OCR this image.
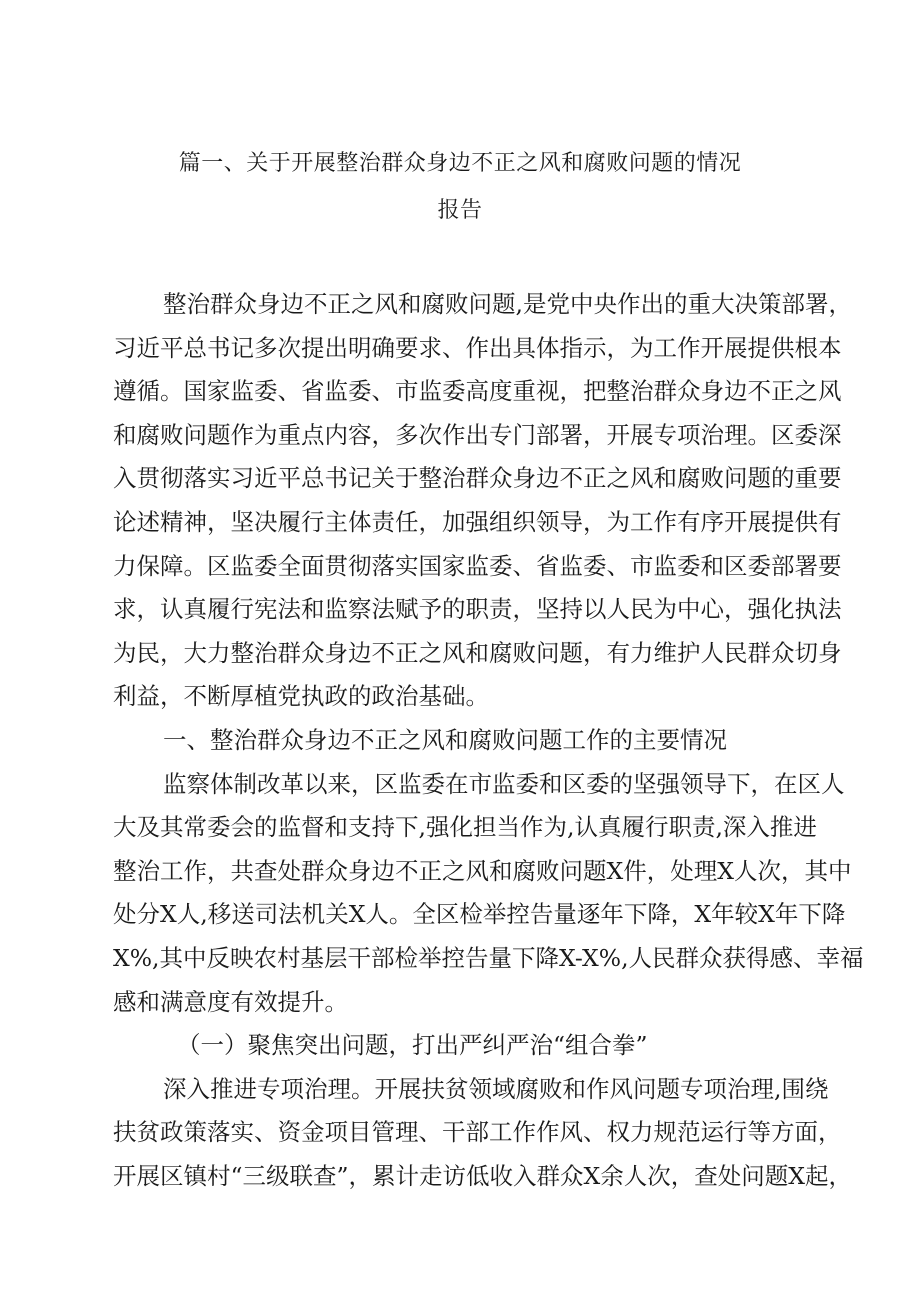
篇一、关于开展整治群众身边不正之风和腐败问题的情况
报告
整治群众身边不正之风和腐败问题,是党中央作出的重大决策部署，
习近平总书记多次提出明确要求、作出具体指示，为工作开展提供根本
遵循。国家监委、省监委、市监委高度重视，把整治群众身边不正之风
和腐败问题作为重点内容，多次作出专门部署，开展专项治理。区委深
入贯彻落实习近平总书记关于整治群众身边不正之风和腐败问题的重要
论述精神，坚决履行主体责任，加强组织领导，为工作有序开展提供有
力保障。区监委全面贯彻落实国家监委、省监委、市监委和区委部署要
求，认真履行宪法和监察法赋予的职责，坚持以人民为中心，强化执法
为民，大力整治群众身边不正之风和腐败问题，有力维护人民群众切身
利益，不断厚植党执政的政治基础。
一、整治群众身边不正之风和腐败问题工作的主要情况
监察体制改革以来，区监委在市监委和区委的坚强领导下，在区人
大及其常委会的监督和支持下,强化担当作为,认真履行职责,深入推进
整治工作，共查处群众身边不正之风和腐败问题X件，处理X人次，其中
处分X人,移送司法机关X人。全区检举控告量逐年下降，X年较X年下降
X%,其中反映农村基层干部检举控告量下降X-X%,人民群众获得感、幸福
感和满意度有效提升。
（一）聚焦突出问题，打出严纠严治“组合拳”
深入推进专项治理。开展扶贫领域腐败和作风问题专项治理,围绕
扶贫政策落实、资金项目管理、干部工作作风、权力规范运行等方面，
开展区镇村“三级联查”，累计走访低收入群众X余人次，查处问题X起，
